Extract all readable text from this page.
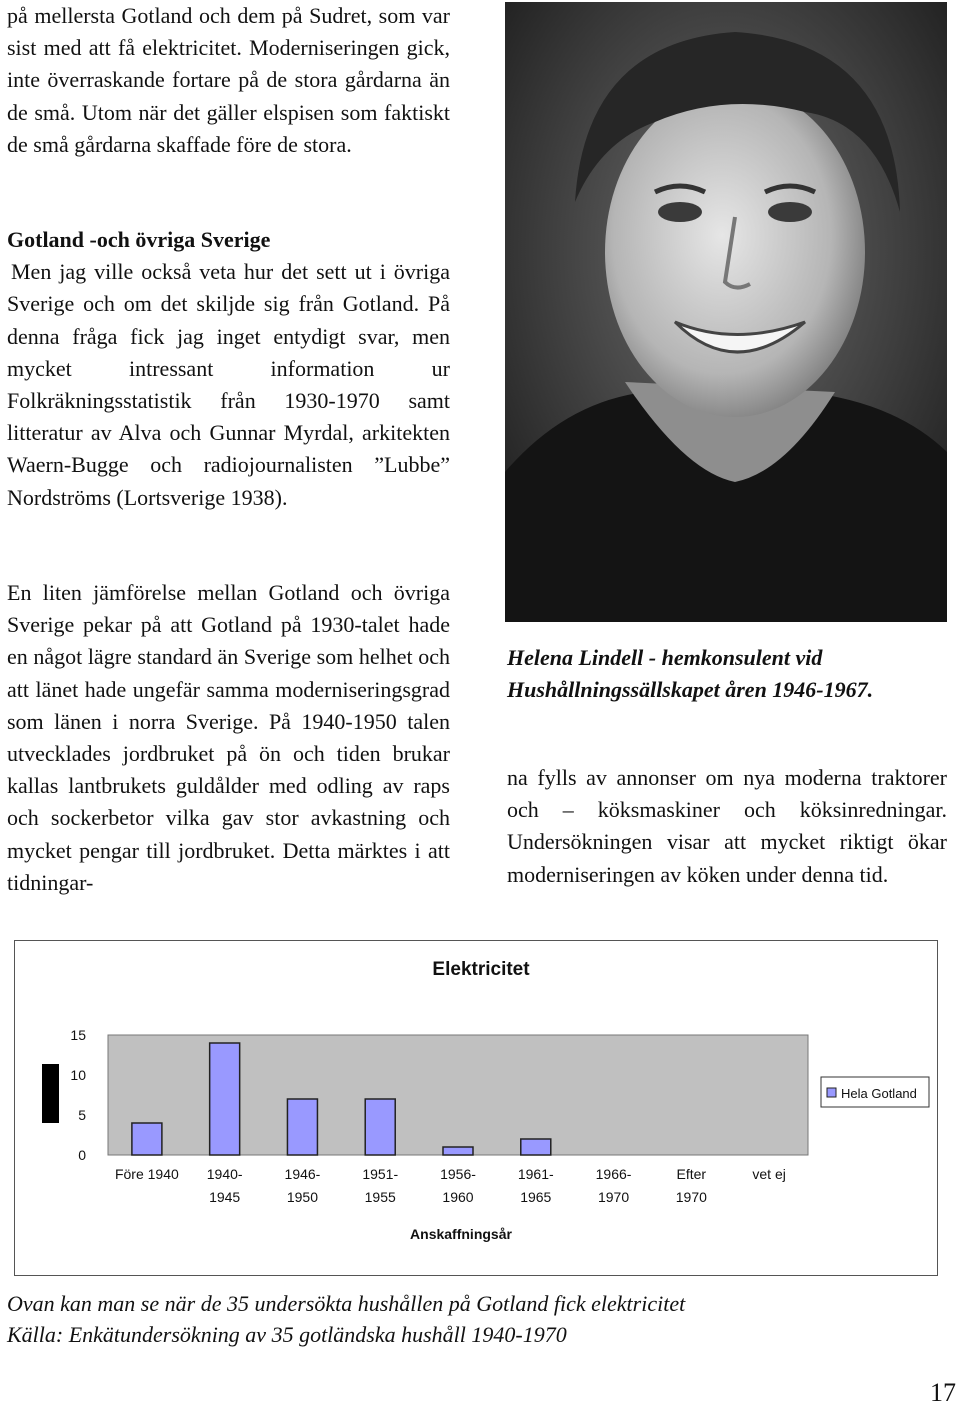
på mellersta Gotland och dem på Sudret, som var sist med att få elektricitet. Moderniseringen gick, inte överraskande fortare på de stora gårdarna än de små. Utom när det gäller elspisen som faktiskt de små gårdarna skaffade före de stora.

Gotland -och övriga Sverige

Men jag ville också veta hur det sett ut i övriga Sverige och om det skiljde sig från Gotland. På denna fråga fick jag inget entydigt svar, men mycket intressant information ur Folkräkningsstatistik från 1930-1970 samt litteratur av Alva och Gunnar Myrdal, arkitekten Waern-Bugge och radiojournalisten ”Lubbe” Nordströms (Lortsverige 1938).

En liten jämförelse mellan Gotland och övriga Sverige pekar på att Gotland på 1930-talet hade en något lägre standard än Sverige som helhet och att länet hade ungefär samma moderniseringsgrad som länen i norra Sverige. På 1940-1950 talen utvecklades jordbruket på ön och tiden brukar kallas lantbrukets guldålder med odling av raps och sockerbetor vilka gav stor avkastning och mycket pengar till jordbruket. Detta märktes i att tidningar-

Helena Lindell - hemkonsulent vid Hushållningssällskapet åren 1946-1967.
na fylls av annonser om nya moderna traktorer och – köksmaskiner och köksinredningar. Undersökningen visar att mycket riktigt ökar moderniseringen av köken under denna tid.
Elektricitet
15
10
5
0
Före 1940 1940-
1945
1946-
1950
1951-
1955
1956-
1960
1961-
1965
1966-
1970
Efter
1970
vet ej
Anskaffningsår
Hela Gotland
Ovan kan man se när de 35 undersökta hushållen på Gotland fick elektricitet
Källa: Enkätundersökning av 35 gotländska hushåll 1940-1970
17
